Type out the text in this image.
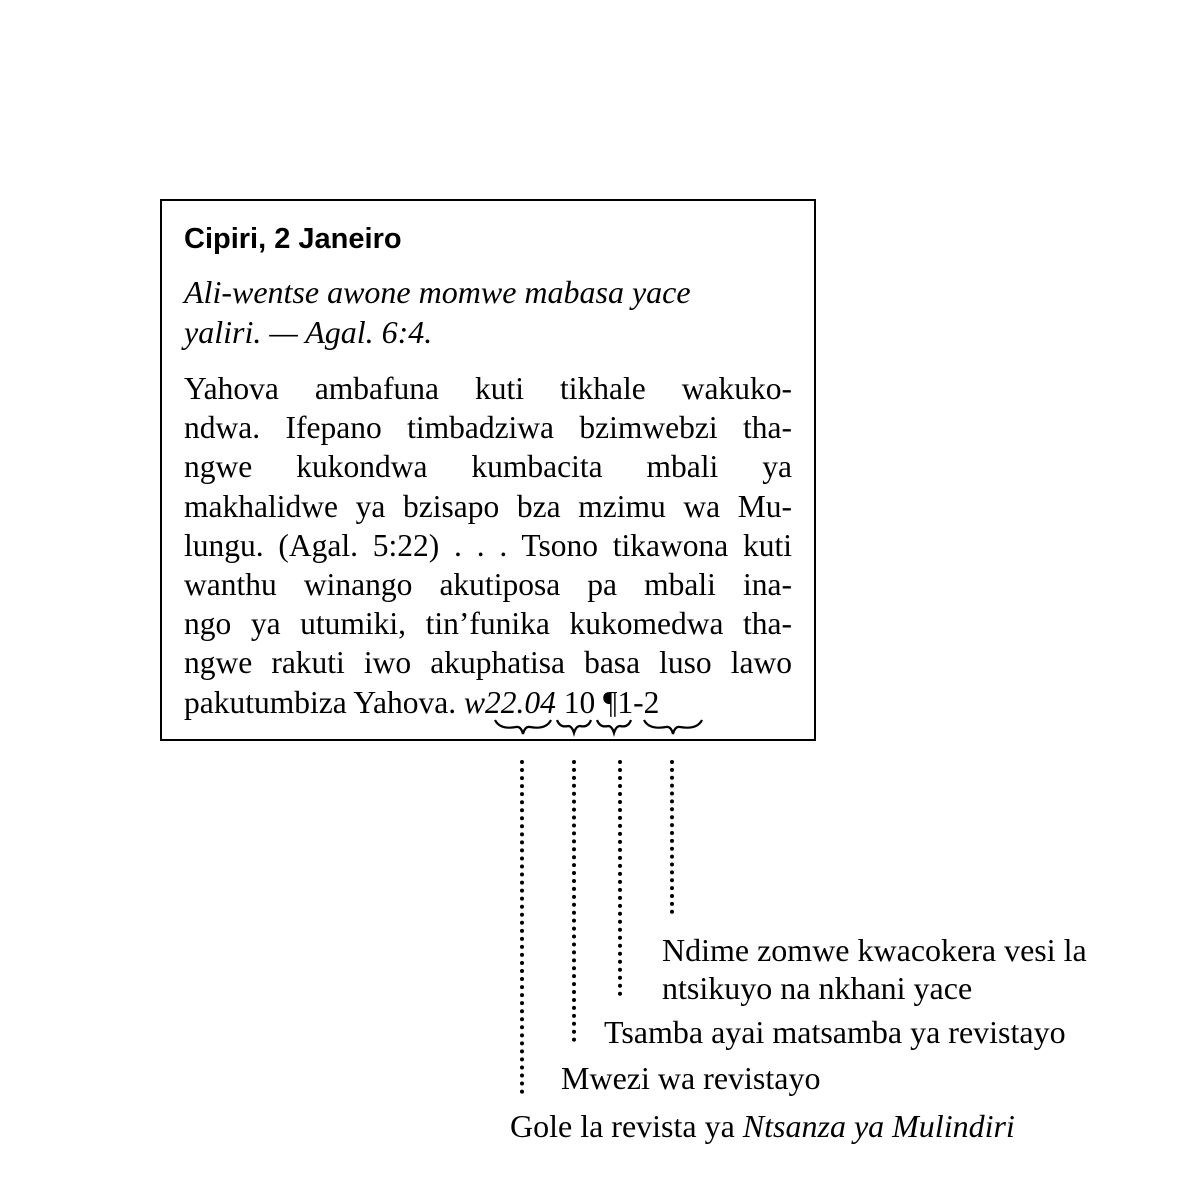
Cipiri, 2 Janeiro
Ali-wentse awone momwe mabasa yace
yaliri. — Agal. 6:4.
Yahova ambafuna kuti tikhale wakuko-
ndwa. Ifepano timbadziwa bzimwebzi tha-
ngwe kukondwa kumbacita mbali ya
makhalidwe ya bzisapo bza mzimu wa Mu-
lungu. (Agal. 5:22) . . . Tsono tikawona kuti
wanthu winango akutiposa pa mbali ina-
ngo ya utumiki, tin’funika kukomedwa tha-
ngwe rakuti iwo akuphatisa basa luso lawo
pakutumbiza Yahova. w22.04 10 ¶1-2
Ndime zomwe kwacokera vesi la
ntsikuyo na nkhani yace
Tsamba ayai matsamba ya revistayo
Mwezi wa revistayo
Gole la revista ya Ntsanza ya Mulindiri
